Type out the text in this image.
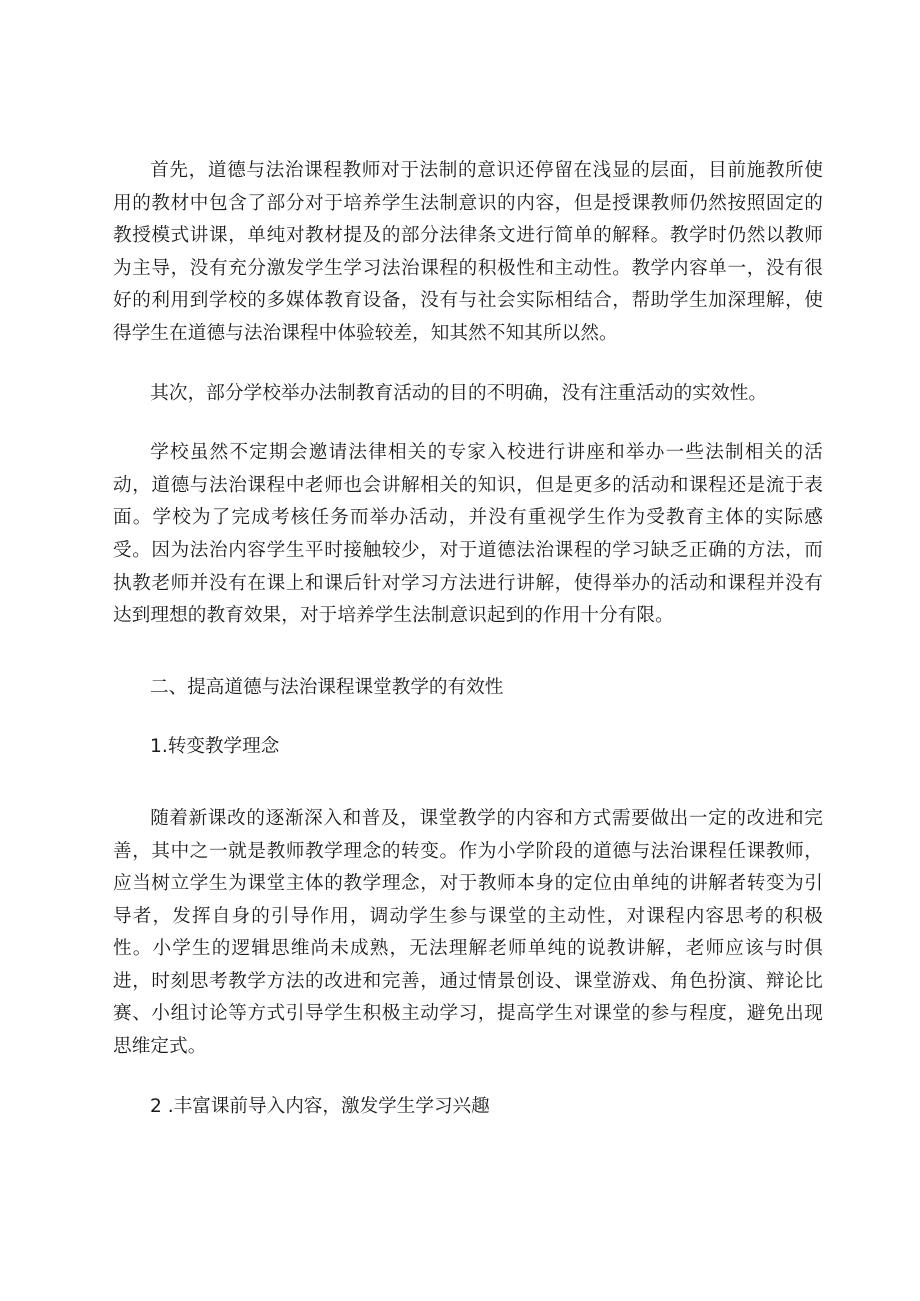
首先，道德与法治课程教师对于法制的意识还停留在浅显的层面，目前施教所使用的教材中包含了部分对于培养学生法制意识的内容，但是授课教师仍然按照固定的教授模式讲课，单纯对教材提及的部分法律条文进行简单的解释。教学时仍然以教师为主导，没有充分激发学生学习法治课程的积极性和主动性。教学内容单一，没有很好的利用到学校的多媒体教育设备，没有与社会实际相结合，帮助学生加深理解，使得学生在道德与法治课程中体验较差，知其然不知其所以然。

其次，部分学校举办法制教育活动的目的不明确，没有注重活动的实效性。

学校虽然不定期会邀请法律相关的专家入校进行讲座和举办一些法制相关的活动，道德与法治课程中老师也会讲解相关的知识，但是更多的活动和课程还是流于表面。学校为了完成考核任务而举办活动，并没有重视学生作为受教育主体的实际感受。因为法治内容学生平时接触较少，对于道德法治课程的学习缺乏正确的方法，而执教老师并没有在课上和课后针对学习方法进行讲解，使得举办的活动和课程并没有达到理想的教育效果，对于培养学生法制意识起到的作用十分有限。

二、提高道德与法治课程课堂教学的有效性

1.转变教学理念

随着新课改的逐渐深入和普及，课堂教学的内容和方式需要做出一定的改进和完善，其中之一就是教师教学理念的转变。作为小学阶段的道德与法治课程任课教师，应当树立学生为课堂主体的教学理念，对于教师本身的定位由单纯的讲解者转变为引导者，发挥自身的引导作用，调动学生参与课堂的主动性，对课程内容思考的积极性。小学生的逻辑思维尚未成熟，无法理解老师单纯的说教讲解，老师应该与时俱进，时刻思考教学方法的改进和完善，通过情景创设、课堂游戏、角色扮演、辩论比赛、小组讨论等方式引导学生积极主动学习，提高学生对课堂的参与程度，避免出现思维定式。

2 .丰富课前导入内容，激发学生学习兴趣
